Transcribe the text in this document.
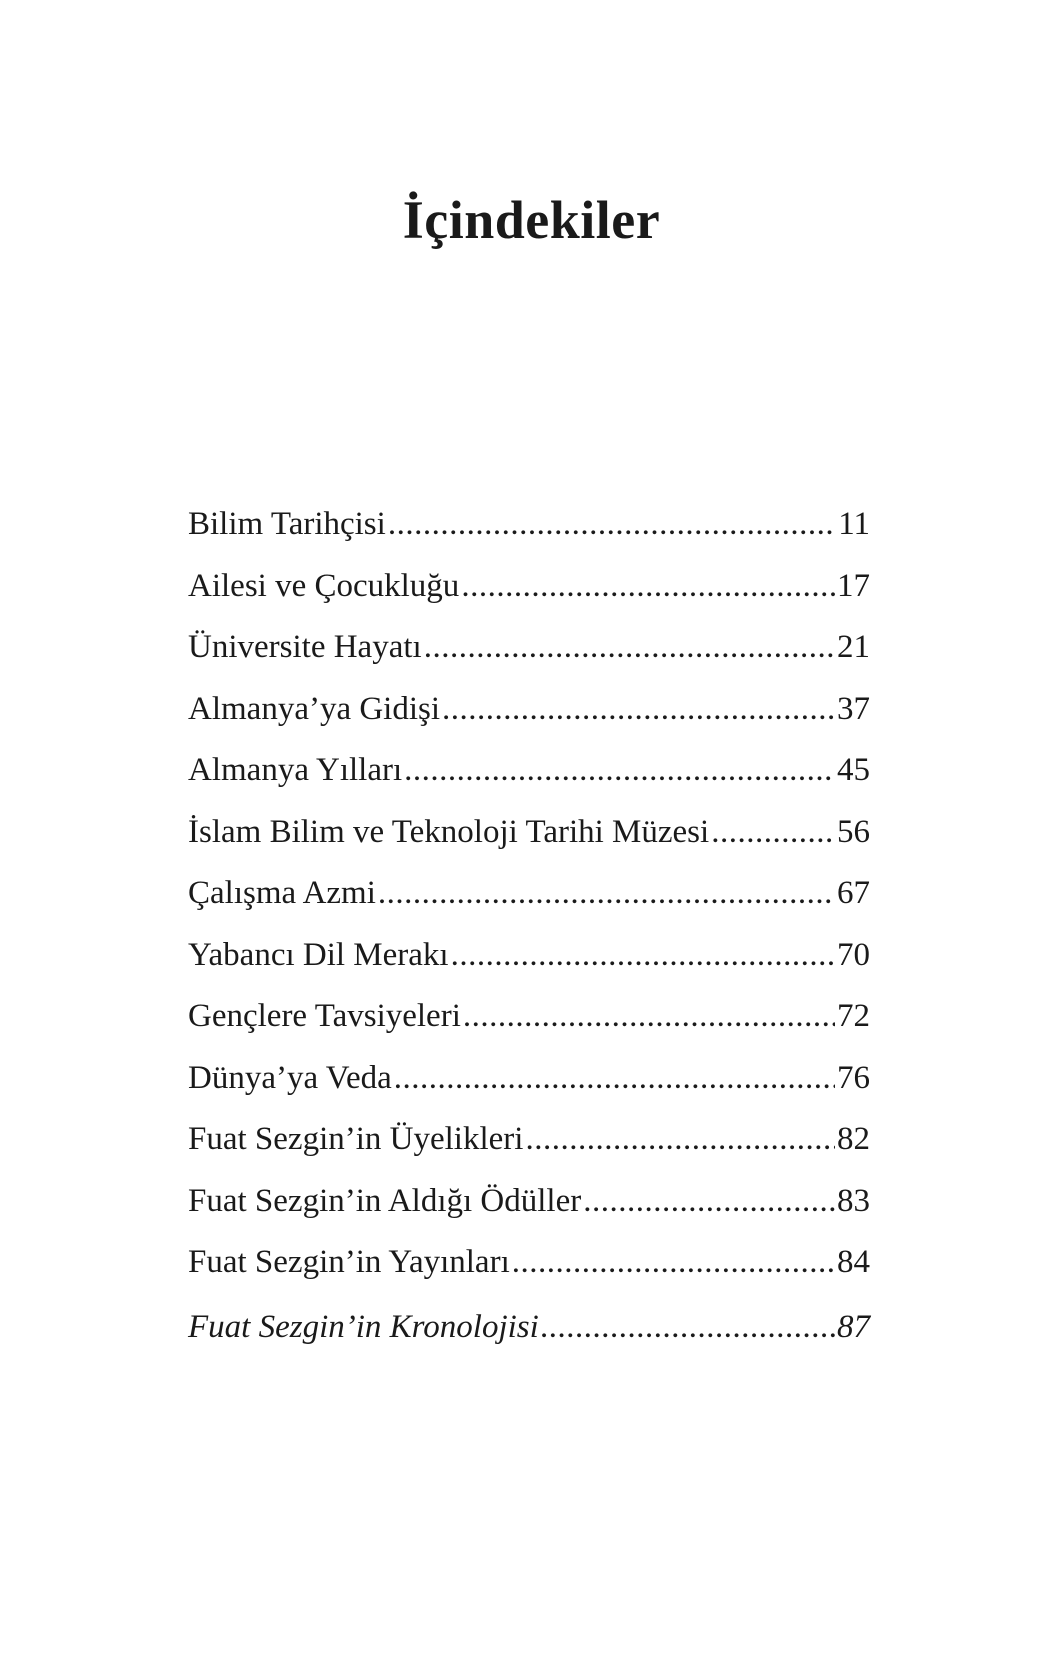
İçindekiler
Bilim Tarihçisi .....	11
Ailesi ve Çocukluğu .....	17
Üniversite Hayatı .....	21
Almanya’ya Gidişi .....	37
Almanya Yılları .....	45
İslam Bilim ve Teknoloji Tarihi Müzesi .....	56
Çalışma Azmi .....	67
Yabancı Dil Merakı .....	70
Gençlere Tavsiyeleri .....	72
Dünya’ya Veda .....	76
Fuat Sezgin’in Üyelikleri .....	82
Fuat Sezgin’in Aldığı Ödüller .....	83
Fuat Sezgin’in Yayınları .....	84
Fuat Sezgin’in Kronolojisi .....	87
